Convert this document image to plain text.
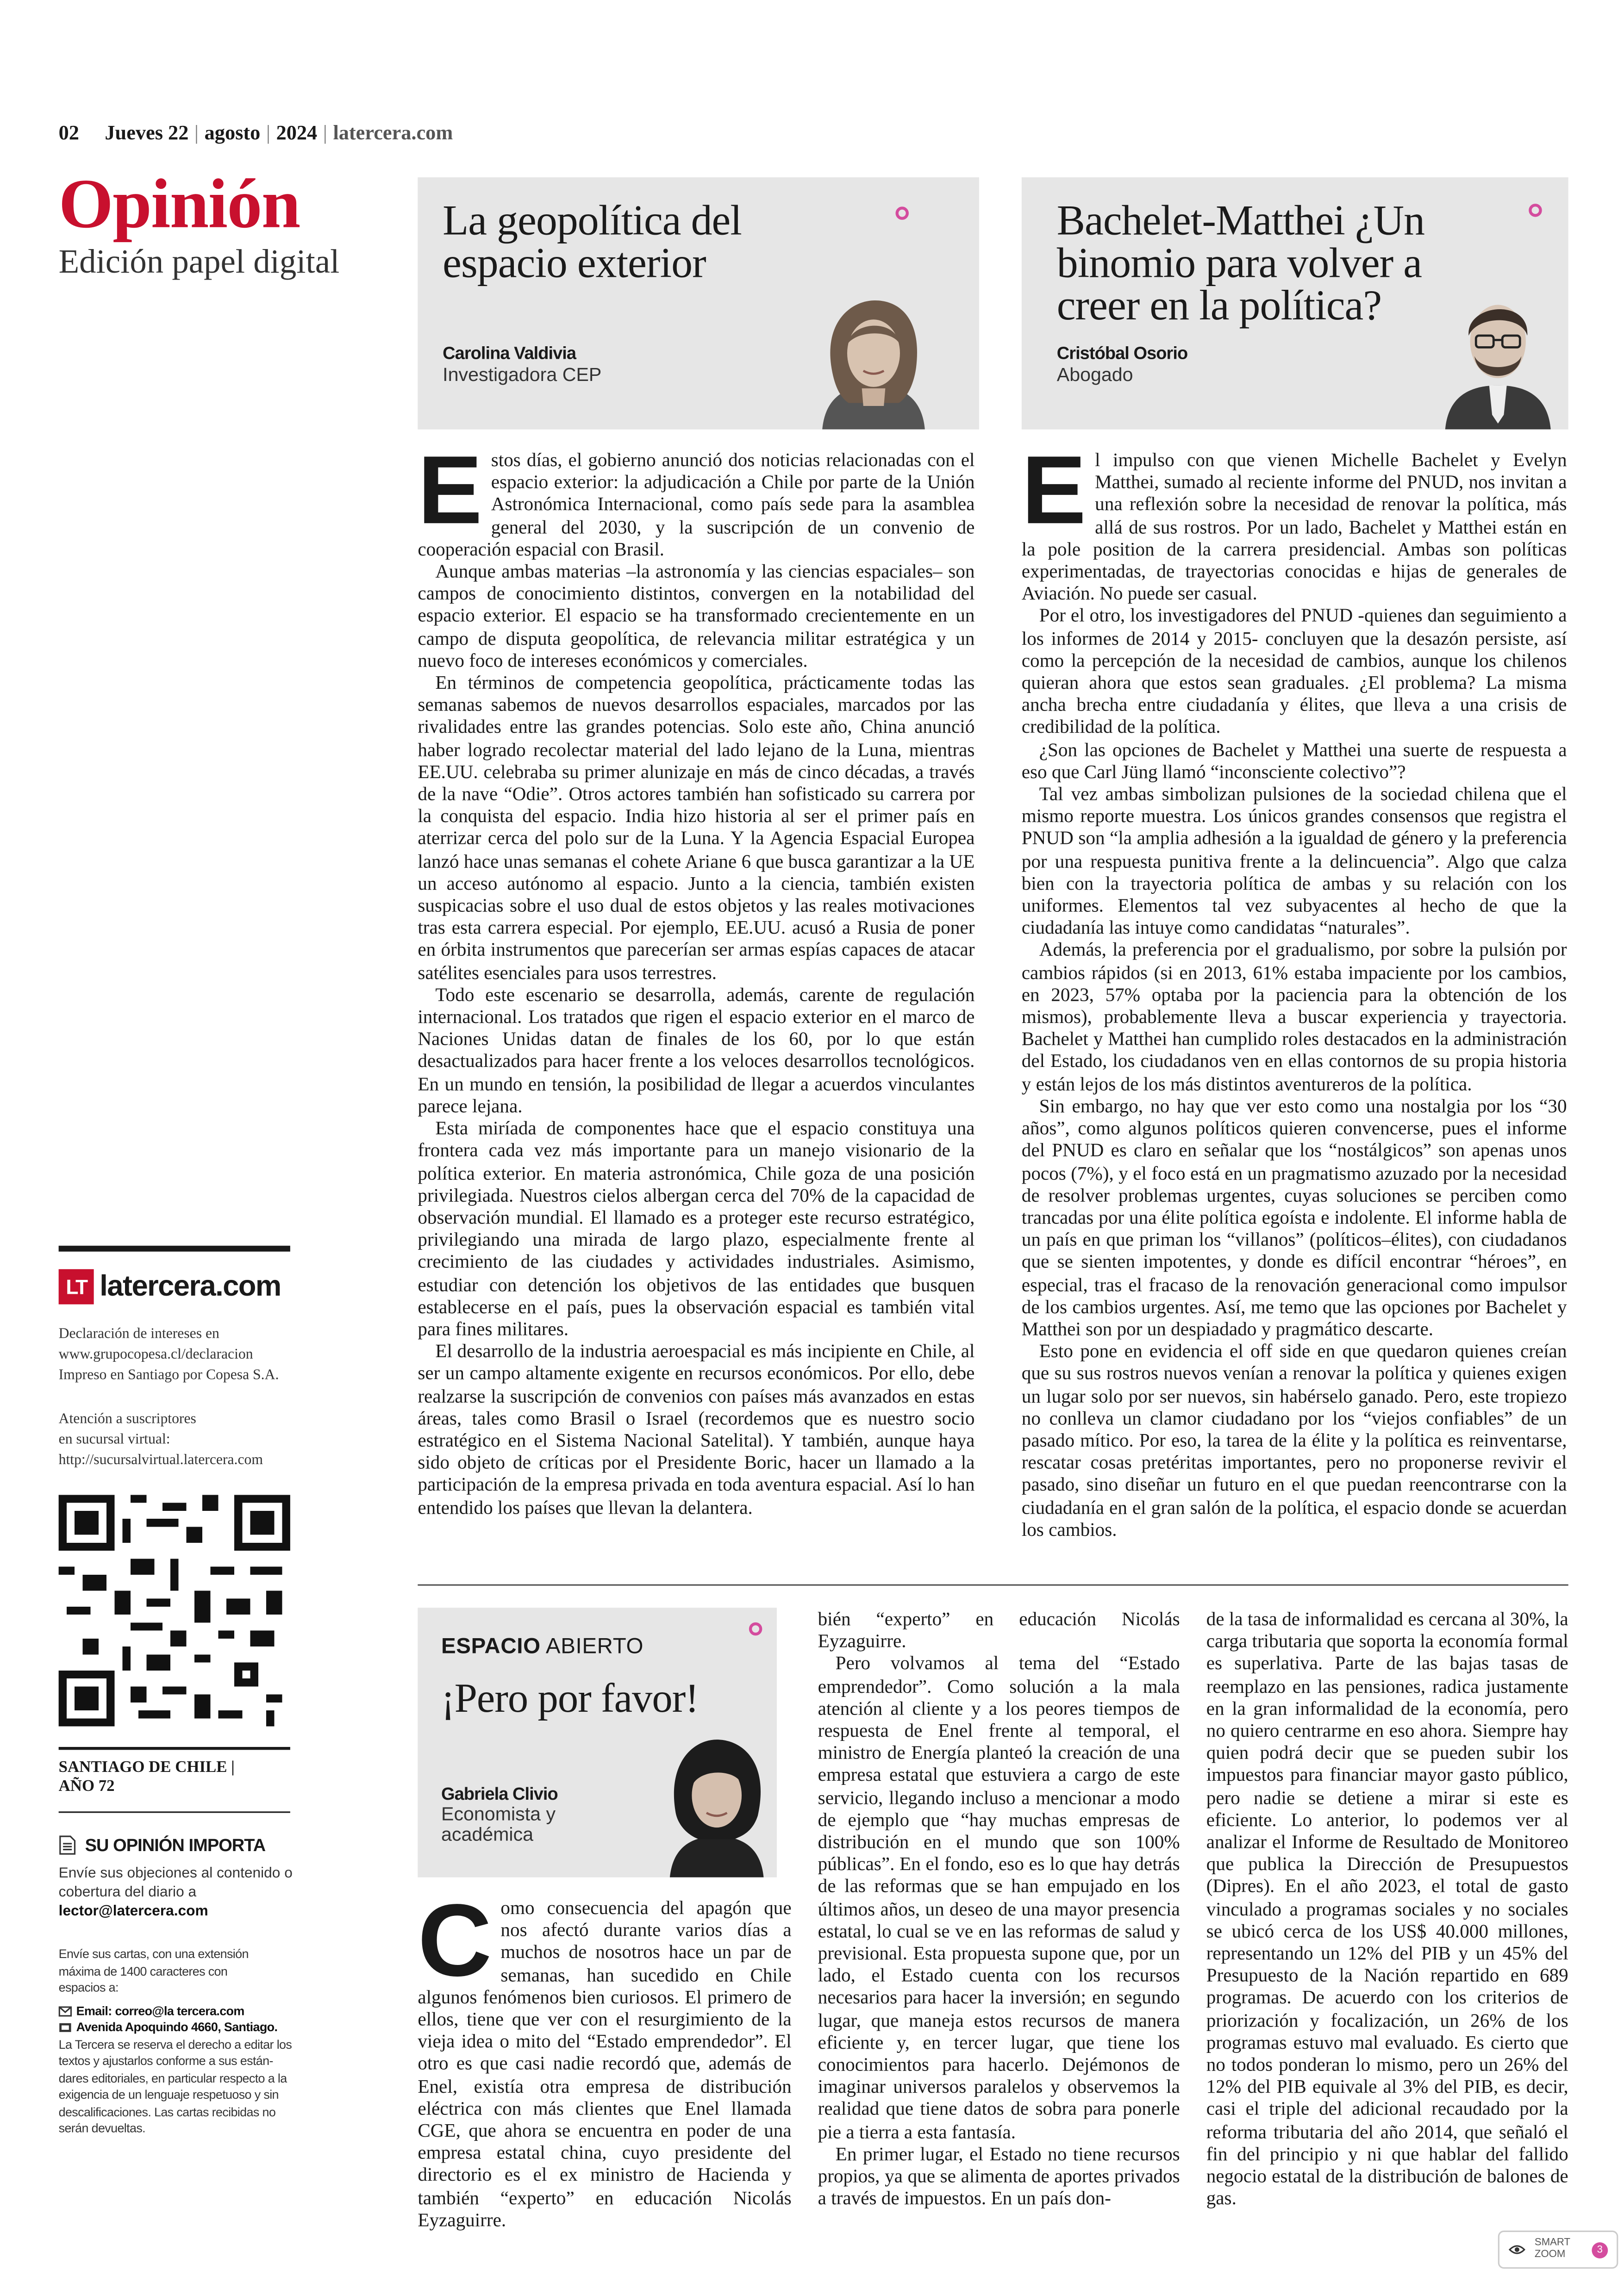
02	Jueves 22 | agosto | 2024 | latercera.com
Opinión
Edición papel digital
La geopolítica del
espacio exterior
Carolina Valdivia
Investigadora CEP
Bachelet-Matthei ¿Un
binomio para volver a
creer en la política?
Cristóbal Osorio
Abogado
E	stos días, el gobierno anunció dos noticias relacionadas con el espacio exterior: la adjudicación a Chile por parte de la Unión Astronómica Internacional, como país sede para la asamblea general del 2030, y la suscripción de un convenio de cooperación espacial con Brasil.

Aunque ambas materias –la astronomía y las ciencias espaciales– son campos de conocimiento distintos, convergen en la notabilidad del espacio exterior. El espacio se ha transformado crecientemente en un campo de disputa geopolítica, de relevancia militar estratégica y un nuevo foco de intereses económicos y comerciales.

En términos de competencia geopolítica, prácticamente todas las semanas sabemos de nuevos desarrollos espaciales, marcados por las rivalidades entre las grandes potencias. Solo este año, China anunció haber logrado recolectar material del lado lejano de la Luna, mientras EE.UU. celebraba su primer alunizaje en más de cinco décadas, a través de la nave “Odie”. Otros actores también han sofisticado su carrera por la conquista del espacio. India hizo historia al ser el primer país en aterrizar cerca del polo sur de la Luna. Y la Agencia Espacial Europea lanzó hace unas semanas el cohete Ariane 6 que busca garantizar a la UE un acceso autónomo al espacio. Junto a la ciencia, también existen suspicacias sobre el uso dual de estos objetos y las reales motivaciones tras esta carrera especial. Por ejemplo, EE.UU. acusó a Rusia de poner en órbita instrumentos que parecerían ser armas espías capaces de atacar satélites esenciales para usos terrestres.

Todo este escenario se desarrolla, además, carente de regulación internacional. Los tratados que rigen el espacio exterior en el marco de Naciones Unidas datan de finales de los 60, por lo que están desactualizados para hacer frente a los veloces desarrollos tecnológicos. En un mundo en tensión, la posibilidad de llegar a acuerdos vinculantes parece lejana.

Esta miríada de componentes hace que el espacio constituya una frontera cada vez más importante para un manejo visionario de la política exterior. En materia astronómica, Chile goza de una posición privilegiada. Nuestros cielos albergan cerca del 70% de la capacidad de observación mundial. El llamado es a proteger este recurso estratégico, privilegiando una mirada de largo plazo, especialmente frente al crecimiento de las ciudades y actividades industriales. Asimismo, estudiar con detención los objetivos de las entidades que busquen establecerse en el país, pues la observación espacial es también vital para fines militares.

El desarrollo de la industria aeroespacial es más incipiente en Chile, al ser un campo altamente exigente en recursos económicos. Por ello, debe realzarse la suscripción de convenios con países más avanzados en estas áreas, tales como Brasil o Israel (recordemos que es nuestro socio estratégico en el Sistema Nacional Satelital). Y también, aunque haya sido objeto de críticas por el Presidente Boric, hacer un llamado a la participación de la empresa privada en toda aventura espacial. Así lo han entendido los países que llevan la delantera.

E	l impulso con que vienen Michelle Bachelet y Evelyn Matthei, sumado al reciente informe del PNUD, nos invitan a una reflexión sobre la necesidad de renovar la política, más allá de sus rostros. Por un lado, Bachelet y Matthei están en la pole position de la carrera presidencial. Ambas son políticas experimentadas, de trayectorias conocidas e hijas de generales de Aviación. No puede ser casual.

Por el otro, los investigadores del PNUD -quienes dan seguimiento a los informes de 2014 y 2015- concluyen que la desazón persiste, así como la percepción de la necesidad de cambios, aunque los chilenos quieran ahora que estos sean graduales. ¿El problema? La misma ancha brecha entre ciudadanía y élites, que lleva a una crisis de credibilidad de la política.

¿Son las opciones de Bachelet y Matthei una suerte de respuesta a eso que Carl Jüng llamó “inconsciente colectivo”?

Tal vez ambas simbolizan pulsiones de la sociedad chilena que el mismo reporte muestra. Los únicos grandes consensos que registra el PNUD son “la amplia adhesión a la igualdad de género y la preferencia por una respuesta punitiva frente a la delincuencia”. Algo que calza bien con la trayectoria política de ambas y su relación con los uniformes. Elementos tal vez subyacentes al hecho de que la ciudadanía las intuye como candidatas “naturales”.

Además, la preferencia por el gradualismo, por sobre la pulsión por cambios rápidos (si en 2013, 61% estaba impaciente por los cambios, en 2023, 57% optaba por la paciencia para la obtención de los mismos), probablemente lleva a buscar experiencia y trayectoria. Bachelet y Matthei han cumplido roles destacados en la administración del Estado, los ciudadanos ven en ellas contornos de su propia historia y están lejos de los más distintos aventureros de la política.

Sin embargo, no hay que ver esto como una nostalgia por los “30 años”, como algunos políticos quieren convencerse, pues el informe del PNUD es claro en señalar que los “nostálgicos” son apenas unos pocos (7%), y el foco está en un pragmatismo azuzado por la necesidad de resolver problemas urgentes, cuyas soluciones se perciben como trancadas por una élite política egoísta e indolente. El informe habla de un país en que priman los “villanos” (políticos–élites), con ciudadanos que se sienten impotentes, y donde es difícil encontrar “héroes”, en especial, tras el fracaso de la renovación generacional como impulsor de los cambios urgentes. Así, me temo que las opciones por Bachelet y Matthei son por un despiadado y pragmático descarte.

Esto pone en evidencia el off side en que quedaron quienes creían que su sus rostros nuevos venían a renovar la política y quienes exigen un lugar solo por ser nuevos, sin habérselo ganado. Pero, este tropiezo no conlleva un clamor ciudadano por los “viejos confiables” de un pasado mítico. Por eso, la tarea de la élite y la política es reinventarse, rescatar cosas pretéritas importantes, pero no proponerse revivir el pasado, sino diseñar un futuro en el que puedan reencontrarse con la ciudadanía en el gran salón de la política, el espacio donde se acuerdan los cambios.

ESPACIO ABIERTO
¡Pero por favor!
Gabriela Clivio
Economista y
académica
C	omo consecuencia del apagón que nos afectó durante varios días a muchos de nosotros hace un par de semanas, han sucedido en Chile algunos fenómenos bien curiosos. El primero de ellos, tiene que ver con el resurgimiento de la vieja idea o mito del “Estado emprendedor”. El otro es que casi nadie recordó que, además de Enel, existía otra empresa de distribución eléctrica con más clientes que Enel llamada CGE, que ahora se encuentra en poder de una empresa estatal china, cuyo presidente del directorio es el ex ministro de Hacienda y también “experto” en educación Nicolás Eyzaguirre.

bién “experto” en educación Nicolás Eyzaguirre.

Pero volvamos al tema del “Estado emprendedor”. Como solución a la mala atención al cliente y a los peores tiempos de respuesta de Enel frente al temporal, el ministro de Energía planteó la creación de una empresa estatal que estuviera a cargo de este servicio, llegando incluso a mencionar a modo de ejemplo que “hay muchas empresas de distribución en el mundo que son 100% públicas”. En el fondo, eso es lo que hay detrás de las reformas que se han empujado en los últimos años, un deseo de una mayor presencia estatal, lo cual se ve en las reformas de salud y previsional. Esta propuesta supone que, por un lado, el Estado cuenta con los recursos necesarios para hacer la inversión; en segundo lugar, que maneja estos recursos de manera eficiente y, en tercer lugar, que tiene los conocimientos para hacerlo. Dejémonos de imaginar universos paralelos y observemos la realidad que tiene datos de sobra para ponerle pie a tierra a esta fantasía.

En primer lugar, el Estado no tiene recursos propios, ya que se alimenta de aportes privados a través de impuestos. En un país don-

de la tasa de informalidad es cercana al 30%, la carga tributaria que soporta la economía formal es superlativa. Parte de las bajas tasas de reemplazo en las pensiones, radica justamente en la gran informalidad de la economía, pero no quiero centrarme en eso ahora. Siempre hay quien podrá decir que se pueden subir los impuestos para financiar mayor gasto público, pero nadie se detiene a mirar si este es eficiente. Lo anterior, lo podemos ver al analizar el Informe de Resultado de Monitoreo que publica la Dirección de Presupuestos (Dipres). En el año 2023, el total de gasto vinculado a programas sociales y no sociales se ubicó cerca de los US$ 40.000 millones, representando un 12% del PIB y un 45% del Presupuesto de la Nación repartido en 689 programas. De acuerdo con los criterios de priorización y focalización, un 26% de los programas estuvo mal evaluado. Es cierto que no todos ponderan lo mismo, pero un 26% del 12% del PIB equivale al 3% del PIB, es decir, casi el triple del adicional recaudado por la reforma tributaria del año 2014, que señaló el fin del principio y ni que hablar del fallido negocio estatal de la distribución de balones de gas.

LT	latercera.com
Declaración de intereses en
www.grupocopesa.cl/declaracion
Impreso en Santiago por Copesa S.A.
Atención a suscriptores
en sucursal virtual:
http://sucursalvirtual.latercera.com
SANTIAGO DE CHILE |
AÑO 72
SU OPINIÓN IMPORTA
Envíe sus objeciones al contenido o
cobertura del diario a
lector@latercera.com
Envíe sus cartas, con una extensión
máxima de 1400 caracteres con
espacios a:
Email: correo@la tercera.com
Avenida Apoquindo 4660, Santiago.
La Tercera se reserva el derecho a editar los
textos y ajustarlos conforme a sus están-
dares editoriales, en particular respecto a la
exigencia de un lenguaje respetuoso y sin
descalificaciones. Las cartas recibidas no
serán devueltas.
SMART
ZOOM	3
